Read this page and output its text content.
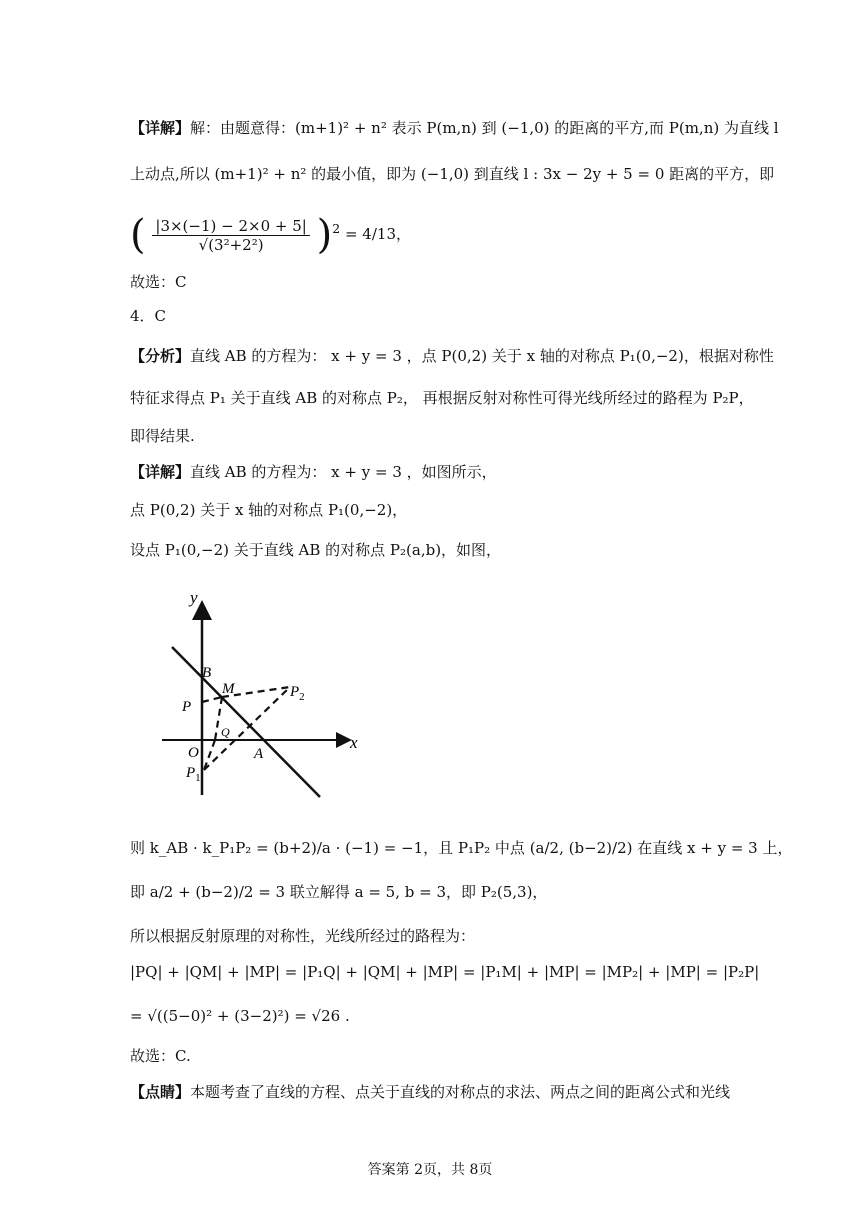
【详解】解：由题意得：(m+1)² + n² 表示 P(m,n) 到 (−1,0) 的距离的平方,而 P(m,n) 为直线 l
上动点,所以 (m+1)² + n² 的最小值，即为 (−1,0) 到直线 l : 3x − 2y + 5 = 0 距离的平方，即
( $\frac{|3\times(-1) - 2\times 0 + 5|}{\text{√(3²+2²)}} )^2 = 4/13$，
故选：C
4．C
【分析】直线 AB 的方程为： x + y = 3 ，点 P(0,2) 关于 x 轴的对称点 P₁(0,−2)，根据对称性
特征求得点 P₁ 关于直线 AB 的对称点 P₂， 再根据反射对称性可得光线所经过的路程为 P₂P，
即得结果.
【详解】直线 AB 的方程为： x + y = 3 ，如图所示，
点 P(0,2) 关于 x 轴的对称点 P₁(0,−2)，
设点 P₁(0,−2) 关于直线 AB 的对称点 P₂(a,b)，如图，
y
x
B
M	$P_2$
P
Q
O	A
$P_1$
则 k_AB · k_P₁P₂ = (b+2)/a · (−1) = −1，且 P₁P₂ 中点 (a/2, (b−2)/2) 在直线 x + y = 3 上，
即 a/2 + (b−2)/2 = 3 联立解得 a = 5, b = 3，即 P₂(5,3)，
所以根据反射原理的对称性，光线所经过的路程为：
|PQ| + |QM| + |MP| = |P₁Q| + |QM| + |MP| = |P₁M| + |MP| = |MP₂| + |MP| = |P₂P|
= √((5−0)² + (3−2)²) = √26 .
故选：C.
【点睛】本题考查了直线的方程、点关于直线的对称点的求法、两点之间的距离公式和光线
答案第 2页，共 8页
